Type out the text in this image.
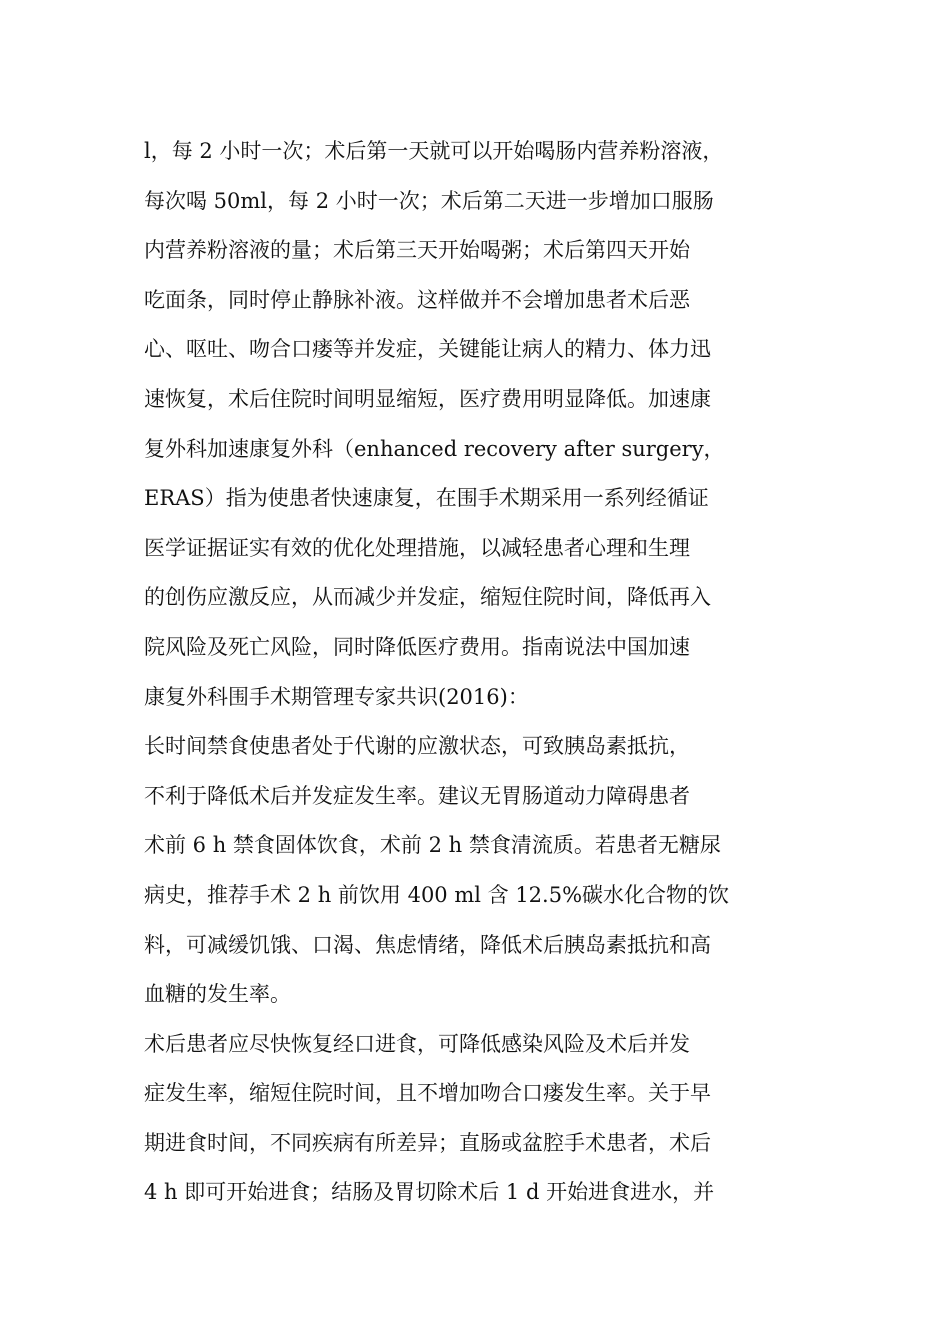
l，每 2 小时一次；术后第一天就可以开始喝肠内营养粉溶液，
每次喝 50ml，每 2 小时一次；术后第二天进一步增加口服肠
内营养粉溶液的量；术后第三天开始喝粥；术后第四天开始
吃面条，同时停止静脉补液。这样做并不会增加患者术后恶
心、呕吐、吻合口瘘等并发症，关键能让病人的精力、体力迅
速恢复，术后住院时间明显缩短，医疗费用明显降低。加速康
复外科加速康复外科（enhanced recovery after surgery，
ERAS）指为使患者快速康复，在围手术期采用一系列经循证
医学证据证实有效的优化处理措施，以减轻患者心理和生理
的创伤应激反应，从而减少并发症，缩短住院时间，降低再入
院风险及死亡风险，同时降低医疗费用。指南说法中国加速
康复外科围手术期管理专家共识(2016)：
长时间禁食使患者处于代谢的应激状态，可致胰岛素抵抗，
不利于降低术后并发症发生率。建议无胃肠道动力障碍患者
术前 6 h 禁食固体饮食，术前 2 h 禁食清流质。若患者无糖尿
病史，推荐手术 2 h 前饮用 400 ml 含 12.5%碳水化合物的饮
料，可减缓饥饿、口渴、焦虑情绪，降低术后胰岛素抵抗和高
血糖的发生率。
术后患者应尽快恢复经口进食，可降低感染风险及术后并发
症发生率，缩短住院时间，且不增加吻合口瘘发生率。关于早
期进食时间，不同疾病有所差异；直肠或盆腔手术患者，术后
4 h 即可开始进食；结肠及胃切除术后 1 d 开始进食进水，并
